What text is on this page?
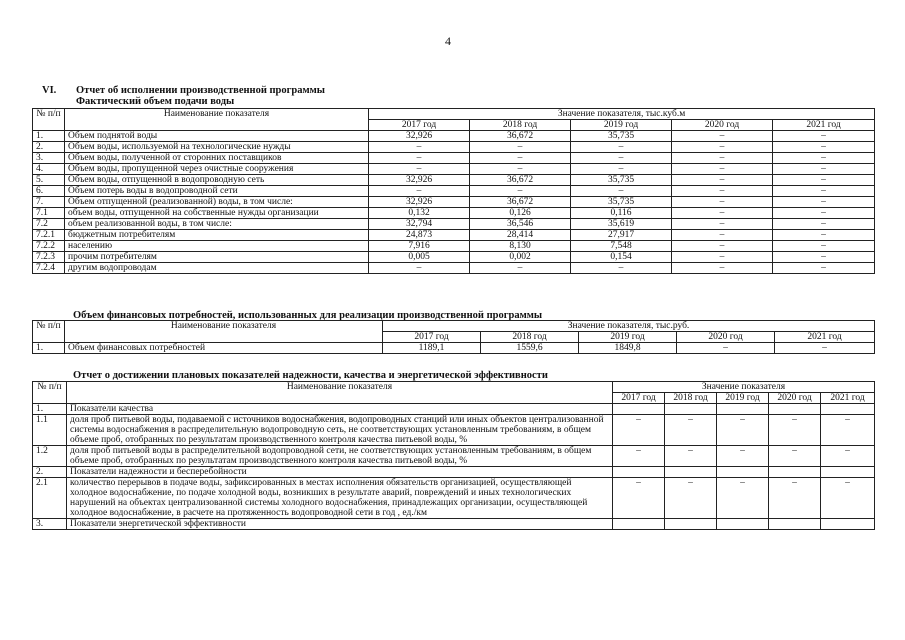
4
VI. Отчет об исполнении производственной программы
Фактический объем подачи воды
№ п/п	Наименование показателя	Значение показателя, тыс.куб.м				
		2017 год	2018 год	2019 год	2020 год	2021 год
1.	Объем поднятой воды	32,926	36,672	35,735	–	–
2.	Объем воды, используемой на технологические нужды	–	–	–	–	–
3.	Объем воды, полученной от сторонних поставщиков	–	–	–	–	–
4.	Объем воды, пропущенной через очистные сооружения	–	–	–	–	–
5.	Объем воды, отпущенной в водопроводную сеть	32,926	36,672	35,735	–	–
6.	Объем потерь воды в водопроводной сети	–	–	–	–	–
7.	Объем отпущенной (реализованной) воды, в том числе:	32,926	36,672	35,735	–	–
7.1	объем воды, отпущенной на собственные нужды организации	0,132	0,126	0,116	–	–
7.2	объем реализованной воды, в том числе:	32,794	36,546	35,619	–	–
7.2.1	бюджетным потребителям	24,873	28,414	27,917	–	–
7.2.2	населению	7,916	8,130	7,548	–	–
7.2.3	прочим потребителям	0,005	0,002	0,154	–	–
7.2.4	другим водопроводам	–	–	–	–	–
Объем финансовых потребностей, использованных для реализации производственной программы
№ п/п	Наименование показателя	Значение показателя, тыс.руб.				
		2017 год	2018 год	2019 год	2020 год	2021 год
1.	Объем финансовых потребностей	1189,1	1559,6	1849,8	–	–
Отчет о достижении плановых показателей надежности, качества и энергетической эффективности
№ п/п	Наименование показателя	Значение показателя				
		2017 год	2018 год	2019 год	2020 год	2021 год
1.	Показатели качества					
1.1	доля проб питьевой воды, подаваемой с источников водоснабжения, водопроводных станций или иных объектов централизованной системы водоснабжения в распределительную водопроводную сеть, не соответствующих установленным требованиям, в общем объеме проб, отобранных по результатам производственного контроля качества питьевой воды, %	–	–	–	–	–
1.2	доля проб питьевой воды в распределительной водопроводной сети, не соответствующих установленным требованиям, в общем объеме проб, отобранных по результатам производственного контроля качества питьевой воды, %	–	–	–	–	–
2.	Показатели надежности и бесперебойности					
2.1	количество перерывов в подаче воды, зафиксированных в местах исполнения обязательств организацией, осуществляющей холодное водоснабжение, по подаче холодной воды, возникших в результате аварий, повреждений и иных технологических нарушений на объектах централизованной системы холодного водоснабжения, принадлежащих организации, осуществляющей холодное водоснабжение, в расчете на протяженность водопроводной сети в год , ед./км	–	–	–	–	–
3.	Показатели энергетической эффективности					
